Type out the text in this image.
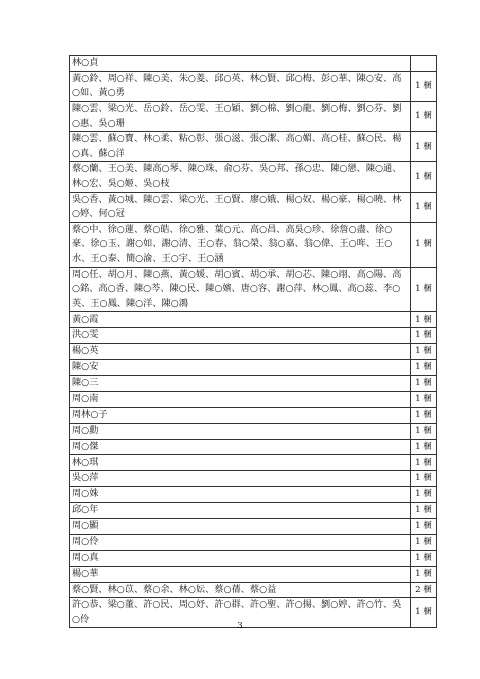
林○貞	
黃○鈴、周○祥、陳○美、朱○菱、邱○英、林○賢、邱○梅、彭○華、陳○安、高○如、黃○勇	1 梱
陳○雲、梁○光、岳○鈴、岳○雯、王○穎、劉○棉、劉○龍、劉○梅、劉○芬、劉○惠、吳○珊	1 梱
陳○雲、蘇○寶、林○柔、粘○彰、張○滋、張○潔、高○媚、高○桂、蘇○民、楊○真、蘇○洋	1 梱
蔡○蘭、王○美、陳高○琴、陳○珠、俞○芬、吳○邦、孫○忠、陳○戀、陳○通、林○宏、吳○姬、吳○枝	1 梱
吳○香、黃○城、陳○雲、梁○光、王○賢、廖○娥、楊○奴、楊○豪、楊○曉、林○婷、何○冠	1 梱
蔡○中、徐○蓮、蔡○皓、徐○雅、葉○元、高○昌、高吳○珍、徐詹○盡、徐○豪、徐○玉、謝○如、謝○清、王○春、翁○榮、翁○嘉、翁○偉、王○哖、王○水、王○泰、簡○渝、王○宇、王○涵	1 梱
周○任、胡○月、陳○燕、黃○媛、胡○賓、胡○承、胡○芯、陳○翊、高○陽、高○銘、高○香、陳○芩、陳○民、陳○嬪、唐○容、謝○萍、林○鳳、高○蕊、李○英、王○鳳、陳○洋、陳○鴻	1 梱
黃○霞	1 梱
洪○雯	1 梱
楊○英	1 梱
陳○安	1 梱
陳○三	1 梱
周○南	1 梱
周林○子	1 梱
周○勳	1 梱
周○傑	1 梱
林○琪	1 梱
吳○萍	1 梱
周○姝	1 梱
邱○年	1 梱
周○顯	1 梱
周○伶	1 梱
周○真	1 梱
楊○華	1 梱
蔡○賢、林○苡、蔡○余、林○妘、蔡○蒨、蔡○益	2 梱
許○恭、梁○董、許○民、周○妤、許○群、許○聖、許○揚、劉○婷、許○竹、吳○伶	1 梱
3
